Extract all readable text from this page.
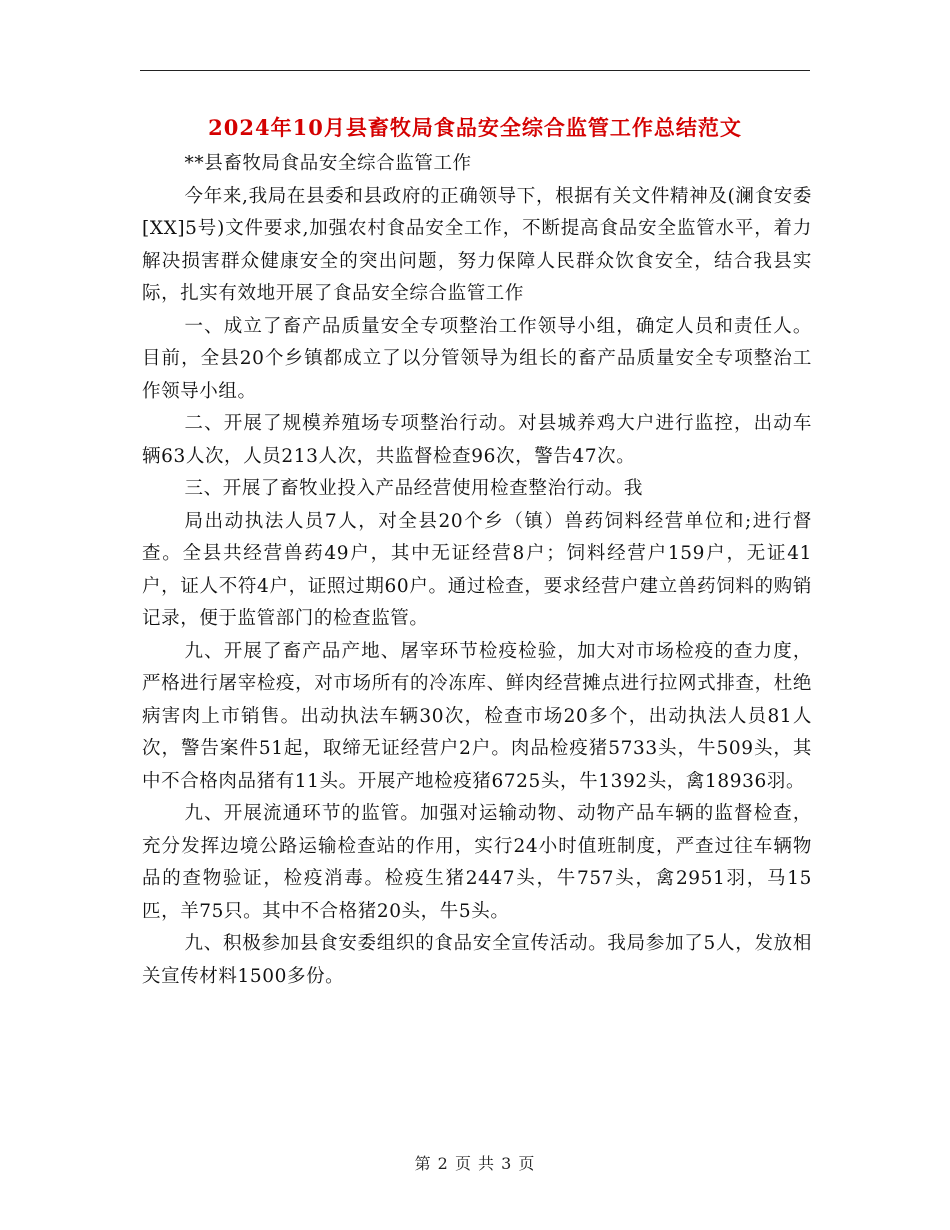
2024年10月县畜牧局食品安全综合监管工作总结范文

**县畜牧局食品安全综合监管工作

今年来,我局在县委和县政府的正确领导下，根据有关文件精神及(澜食安委[XX]5号)文件要求,加强农村食品安全工作，不断提高食品安全监管水平，着力解决损害群众健康安全的突出问题，努力保障人民群众饮食安全，结合我县实际，扎实有效地开展了食品安全综合监管工作

一、成立了畜产品质量安全专项整治工作领导小组，确定人员和责任人。目前，全县20个乡镇都成立了以分管领导为组长的畜产品质量安全专项整治工作领导小组。

二、开展了规模养殖场专项整治行动。对县城养鸡大户进行监控，出动车辆63人次，人员213人次，共监督检查96次，警告47次。

三、开展了畜牧业投入产品经营使用检查整治行动。我

局出动执法人员7人，对全县20个乡（镇）兽药饲料经营单位和;进行督查。全县共经营兽药49户，其中无证经营8户；饲料经营户159户，无证41户，证人不符4户，证照过期60户。通过检查，要求经营户建立兽药饲料的购销记录，便于监管部门的检查监管。

九、开展了畜产品产地、屠宰环节检疫检验，加大对市场检疫的查力度，严格进行屠宰检疫，对市场所有的冷冻库、鲜肉经营摊点进行拉网式排查，杜绝病害肉上市销售。出动执法车辆30次，检查市场20多个，出动执法人员81人次，警告案件51起，取缔无证经营户2户。肉品检疫猪5733头，牛509头，其中不合格肉品猪有11头。开展产地检疫猪6725头，牛1392头，禽18936羽。

九、开展流通环节的监管。加强对运输动物、动物产品车辆的监督检查，充分发挥边境公路运输检查站的作用，实行24小时值班制度，严查过往车辆物品的查物验证，检疫消毒。检疫生猪2447头，牛757头，禽2951羽，马15匹，羊75只。其中不合格猪20头，牛5头。

九、积极参加县食安委组织的食品安全宣传活动。我局参加了5人，发放相关宣传材料1500多份。

第 2 页 共 3 页
